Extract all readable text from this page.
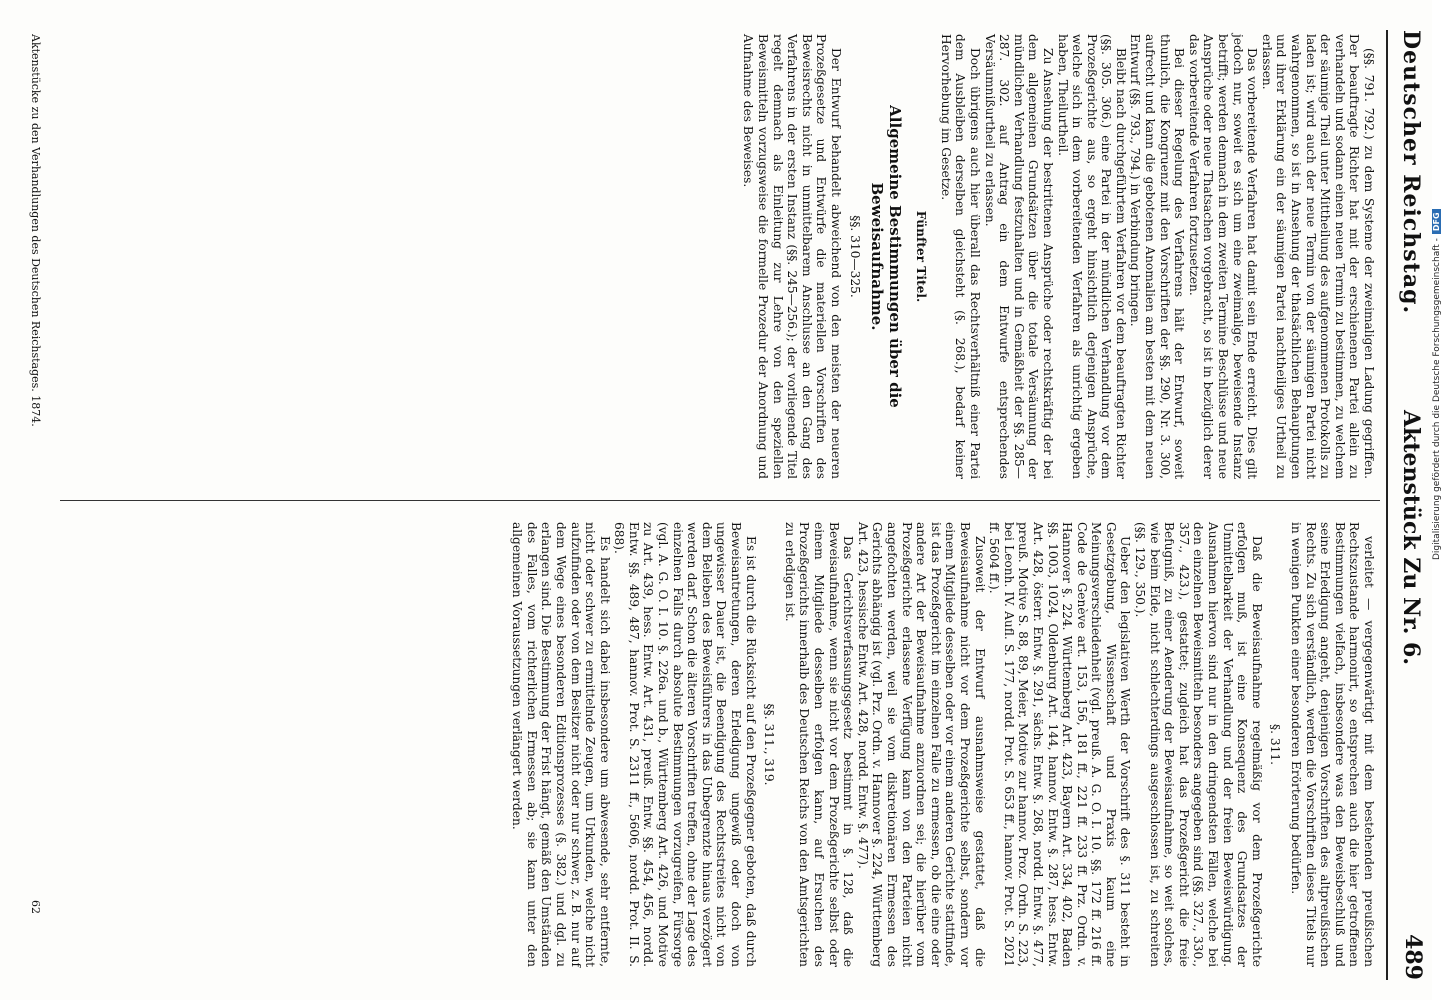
Deutscher Reichstag.
Aktenstück Zu Nr. 6.
489

(§§. 791. 792.) zu dem Systeme der zweimaligen Ladung gegriffen. Der beauftragte Richter hat mit der erschienenen Partei allein zu verhandeln und sodann einen neuen Termin zu bestimmen, zu welchem der säumige Theil unter Mittheilung des aufgenommenen Protokolls zu laden ist; wird auch der neue Termin von der säumigen Partei nicht wahrgenommen, so ist in Ansehung der thatsächlichen Behauptungen und ihrer Erklärung ein der säumigen Partei nachtheiliges Urtheil zu erlassen.

Das vorbereitende Verfahren hat damit sein Ende erreicht. Dies gilt jedoch nur, soweit es sich um eine zweimalige, beweisende Instanz betrifft; werden demnach in dem zweiten Termine Beschlüsse und neue Ansprüche oder neue Thatsachen vorgebracht, so ist in bezüglich derer das vorbereitende Verfahren fortzusetzen.

Bei dieser Regelung des Verfahrens hält der Entwurf, soweit thunlich, die Kongruenz mit den Vorschriften der §§. 290, Nr. 3. 300, aufrecht und kann die gebotenen Anomalien am besten mit dem neuen Entwurf (§§. 793., 794.) in Verbindung bringen.

Bleibt nach durchgeführtem Verfahren vor dem beauftragten Richter (§§. 305. 306.) eine Partei in der mündlichen Verhandlung vor dem Prozeßgerichte aus, so ergeht hinsichtlich derjenigen Ansprüche, welche sich in dem vorbereitenden Verfahren als unrichtig ergeben haben, Theilurtheil.

Zu Ansehung der bestrittenen Ansprüche oder rechtskräftig der bei dem allgemeinen Grundsätzen über die totale Versäumung der mündlichen Verhandlung festzuhalten und in Gemäßheit der §§. 285—287. 302. auf Antrag ein dem Entwurfe entsprechendes Versäumnißurtheil zu erlassen.

Doch übrigens auch hier überall das Rechtsverhältniß einer Partei dem Ausbleiben derselben gleichsteht (§. 268.), bedarf keiner Hervorhebung im Gesetze.

Fünfter Titel.
Allgemeine Bestimmungen über die Beweisaufnahme.
§§. 310—325.

Der Entwurf behandelt abweichend von den meisten der neueren Prozeßgesetze und Entwürfe die materiellen Vorschriften des Beweisrechts nicht in unmittelbarem Anschlusse an den Gang des Verfahrens in der ersten Instanz (§§. 245—256.); der vorliegende Titel regelt demnach als Einleitung zur Lehre von den speziellen Beweismitteln vorzugsweise die formelle Prozedur der Anordnung und Aufnahme des Beweises.

verleitet — vergegenwärtigt mit dem bestehenden preußischen Rechtszustande harmonirt, so entsprechen auch die hier getroffenen Bestimmungen vielfach, insbesondere was den Beweisbeschluß und seine Erledigung angeht, denjenigen Vorschriften des altpreußischen Rechts. Zu sich verständlich, werden die Vorschriften dieses Titels nur in wenigen Punkten einer besonderen Erörterung bedürfen.

§. 311.

Daß die Beweisaufnahme regelmäßig vor dem Prozeßgerichte erfolgen muß, ist eine Konsequenz des Grundsatzes der Unmittelbarkeit der Verhandlung und der freien Beweiswürdigung. Ausnahmen hiervon sind nur in den dringendsten Fällen, welche bei den einzelnen Beweismitteln besonders angegeben sind (§§. 327., 330., 357., 423.), gestattet; zugleich hat das Prozeßgericht die freie Befugniß, zu einer Aenderung der Beweisaufnahme, so weit solches, wie beim Eide, nicht schlechterdings ausgeschlossen ist, zu schreiten (§§. 129., 350.).

Ueber den legislativen Werth der Vorschrift des §. 311 besteht in Gesetzgebung, Wissenschaft und Praxis kaum eine Meinungsverschiedenheit (vgl. preuß. A. G. O. I. 10. §§. 172 ff. 216 ff. Code de Genève art. 153, 156, 181 ff., 221 ff. 233 ff. Prz. Ordn. v. Hannover §. 224. Württemberg Art. 423, Bayern Art. 334, 402, Baden §§. 1003, 1024, Oldenburg Art. 144, hannov. Entw. §. 287, hess. Entw. Art. 428, österr. Entw. §. 291, sächs. Entw. §. 268, nordd. Entw. §. 477, preuß. Motive S. 88, 89, Meier, Motive zur hannov. Proz. Ordn. S. 223, bei Leonh. IV. Aufl. S. 177, nordd. Prot. S. 653 ff., hannov. Prot. S. 2021 ff. 5604 ff.).

Zusoweit der Entwurf ausnahmsweise gestattet, daß die Beweisaufnahme nicht vor dem Prozeßgerichte selbst, sondern vor einem Mitgliede desselben oder vor einem anderen Gerichte stattfinde, ist das Prozeßgericht im einzelnen Falle zu ermessen, ob die eine oder andere Art der Beweisaufnahme anzuordnen sei; die hierüber vom Prozeßgerichte erlassene Verfügung kann von den Parteien nicht angefochten werden, weil sie vom diskretionären Ermessen des Gerichts abhängig ist (vgl. Prz. Ordn. v. Hannover §. 224, Württemberg Art. 423, hessische Entw. Art. 428, nordd. Entw. §. 477).

Das Gerichtsverfassungsgesetz bestimmt in §. 128, daß die Beweisaufnahme, wenn sie nicht vor dem Prozeßgerichte selbst oder einem Mitgliede desselben erfolgen kann, auf Ersuchen des Prozeßgerichts innerhalb des Deutschen Reichs von den Amtsgerichten zu erledigen ist.

§§. 311., 319.

Es ist durch die Rücksicht auf den Prozeßgegner geboten, daß durch Beweisantretungen, deren Erledigung ungewiß oder doch von ungewisser Dauer ist, die Beendigung des Rechtsstreites nicht von dem Belieben des Beweisführers in das Unbegrenzte hinaus verzögert werden darf. Schon die älteren Vorschriften treffen, ohne der Lage des einzelnen Falls durch absolute Bestimmungen vorzugreifen, Fürsorge (vgl. A. G. O. I. 10. §. 226a. und b., Württemberg Art. 426, und Motive zu Art. 439, hess. Entw. Art. 431, preuß. Entw. §§. 454, 456, nordd. Entw. §§. 489, 487, hannov. Prot. S. 2311 ff., 5606, nordd. Prot. II. S. 688).

Es handelt sich dabei insbesondere um abwesende, sehr entfernte, nicht oder schwer zu ermittelnde Zeugen, um Urkunden, welche nicht aufzufinden oder von dem Besitzer nicht oder nur schwer, z. B. nur auf dem Wege eines besonderen Editionsprozesses (§. 382.) und dgl. zu erlangen sind. Die Bestimmung der Frist hängt, gemäß den Umständen des Falles, vom richterlichen Ermessen ab; sie kann unter den allgemeinen Voraussetzungen verlängert werden.

Aktenstücke zu den Verhandlungen des Deutschen Reichstages. 1874.
62
Digitalisierung gefördert durch die Deutsche Forschungsgemeinschaft -DFG
